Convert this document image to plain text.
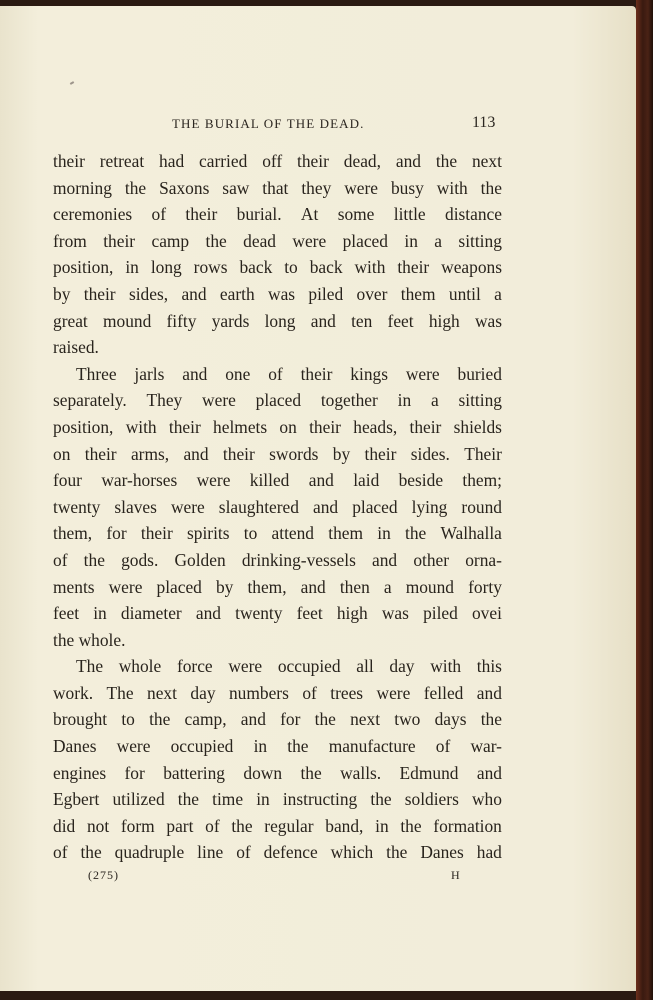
THE BURIAL OF THE DEAD.	113
their retreat had carried off their dead, and the next
morning the Saxons saw that they were busy with the
ceremonies of their burial. At some little distance
from their camp the dead were placed in a sitting
position, in long rows back to back with their weapons
by their sides, and earth was piled over them until a
great mound fifty yards long and ten feet high was
raised.
Three jarls and one of their kings were buried
separately. They were placed together in a sitting
position, with their helmets on their heads, their shields
on their arms, and their swords by their sides. Their
four war-horses were killed and laid beside them;
twenty slaves were slaughtered and placed lying round
them, for their spirits to attend them in the Walhalla
of the gods. Golden drinking-vessels and other orna-
ments were placed by them, and then a mound forty
feet in diameter and twenty feet high was piled ovei
the whole.
The whole force were occupied all day with this
work. The next day numbers of trees were felled and
brought to the camp, and for the next two days the
Danes were occupied in the manufacture of war-
engines for battering down the walls. Edmund and
Egbert utilized the time in instructing the soldiers who
did not form part of the regular band, in the formation
of the quadruple line of defence which the Danes had
(275)	H
